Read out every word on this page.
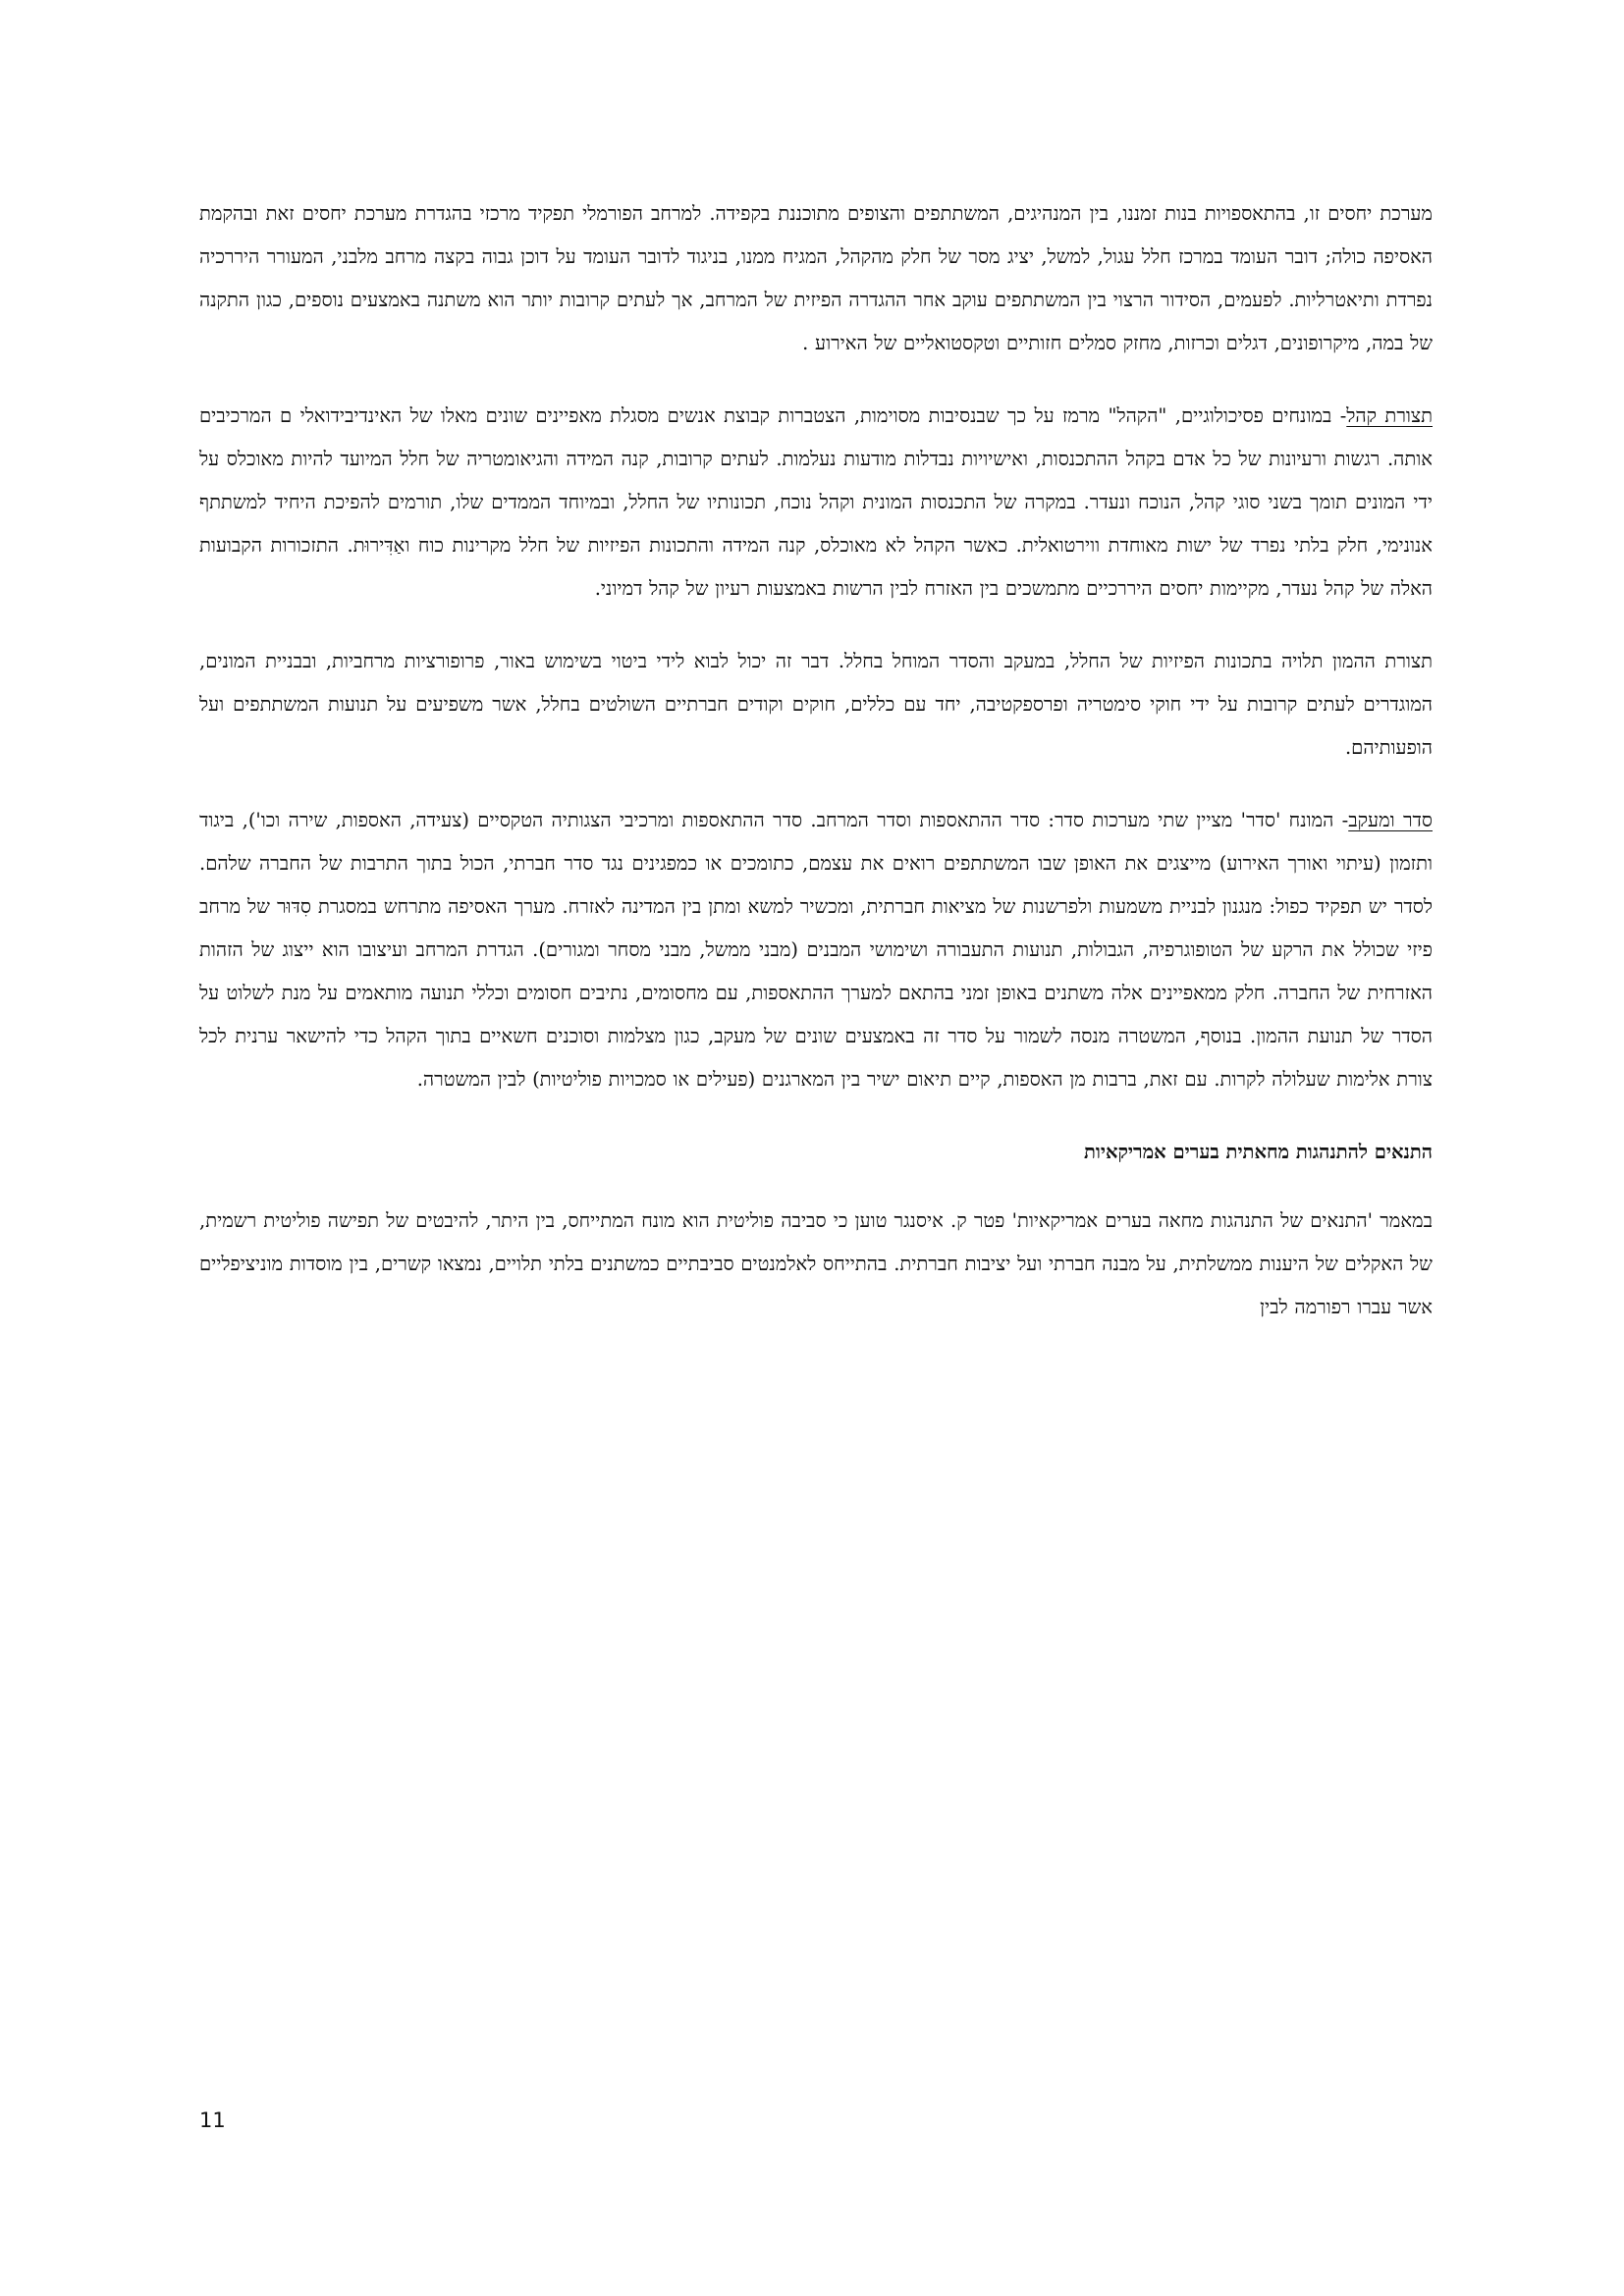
מערכת יחסים זו, בהתאספויות בנות זמננו, בין המנהיגים, המשתתפים והצופים מתוכננת בקפידה. למרחב הפורמלי תפקיד מרכזי בהגדרת מערכת יחסים זאת ובהקמת האסיפה כולה; דובר העומד במרכז חלל עגול, למשל, יציג מסר של חלק מהקהל, המגיח ממנו, בניגוד לדובר העומד על דוכן גבוה בקצה מרחב מלבני, המעורר היררכיה נפרדת ותיאטרליות. לפעמים, הסידור הרצוי בין המשתתפים עוקב אחר ההגדרה הפיזית של המרחב, אך לעתים קרובות יותר הוא משתנה באמצעים נוספים, כגון התקנה של במה, מיקרופונים, דגלים וכרזות, מחזק סמלים חזותיים וטקסטואליים של האירוע .

תצורת קהל- במונחים פסיכולוגיים, "הקהל" מרמז על כך שבנסיבות מסוימות, הצטברות קבוצת אנשים מסגלת מאפיינים שונים מאלו של האינדיבידואלי ם המרכיבים אותה. רגשות ורעיונות של כל אדם בקהל ההתכנסות, ואישיויות נבדלות מודעות נעלמות. לעתים קרובות, קנה המידה והגיאומטריה של חלל המיועד להיות מאוכלס על ידי המונים תומך בשני סוגי קהל, הנוכח ונעדר. במקרה של התכנסות המונית וקהל נוכח, תכונותיו של החלל, ובמיוחד הממדים שלו, תורמים להפיכת היחיד למשתתף אנונימי, חלק בלתי נפרד של ישות מאוחדת ווירטואלית. כאשר הקהל לא מאוכלס, קנה המידה והתכונות הפיזיות של חלל מקרינות כוח ואַדִּירוּת. התזכורות הקבועות האלה של קהל נעדר, מקיימות יחסים היררכיים מתמשכים בין האזרח לבין הרשות באמצעות רעיון של קהל דמיוני.

תצורת ההמון תלויה בתכונות הפיזיות של החלל, במעקב והסדר המוחל בחלל. דבר זה יכול לבוא לידי ביטוי בשימוש באור, פרופורציות מרחביות, ובבניית המונים, המוגדרים לעתים קרובות על ידי חוקי סימטריה ופרספקטיבה, יחד עם כללים, חוקים וקודים חברתיים השולטים בחלל, אשר משפיעים על תנועות המשתתפים ועל הופעותיהם.

סדר ומעקב- המונח 'סדר' מציין שתי מערכות סדר: סדר ההתאספות וסדר המרחב. סדר ההתאספות ומרכיבי הצגותיה הטקסיים (צעידה, האספות, שירה וכו'), ביגוד ותזמון (עיתוי ואורך האירוע) מייצגים את האופן שבו המשתתפים רואים את עצמם, כתומכים או כמפגינים נגד סדר חברתי, הכול בתוך התרבות של החברה שלהם. לסדר יש תפקיד כפול: מנגנון לבניית משמעות ולפרשנות של מציאות חברתית, ומכשיר למשא ומתן בין המדינה לאזרח. מערך האסיפה מתרחש במסגרת סִדּוּר של מרחב פיזי שכולל את הרקע של הטופוגרפיה, הגבולות, תנועות התעבורה ושימושי המבנים (מבני ממשל, מבני מסחר ומגורים). הגדרת המרחב ועיצובו הוא ייצוג של הזהות האזרחית של החברה. חלק ממאפיינים אלה משתנים באופן זמני בהתאם למערך ההתאספות, עם מחסומים, נתיבים חסומים וכללי תנועה מותאמים על מנת לשלוט על הסדר של תנועת ההמון. בנוסף, המשטרה מנסה לשמור על סדר זה באמצעים שונים של מעקב, כגון מצלמות וסוכנים חשאיים בתוך הקהל כדי להישאר ערנית לכל צורת אלימות שעלולה לקרות. עם זאת, ברבות מן האספות, קיים תיאום ישיר בין המארגנים (פעילים או סמכויות פוליטיות) לבין המשטרה.

התנאים להתנהגות מחאתית בערים אמריקאיות

במאמר 'התנאים של התנהגות מחאה בערים אמריקאיות' פטר ק. איסנגר טוען כי סביבה פוליטית הוא מונח המתייחס, בין היתר, להיבטים של תפישה פוליטית רשמית, של האקלים של היענות ממשלתית, על מבנה חברתי ועל יציבות חברתית. בהתייחס לאלמנטים סביבתיים כמשתנים בלתי תלויים, נמצאו קשרים, בין מוסדות מוניציפליים אשר עברו רפורמה לבין

11
